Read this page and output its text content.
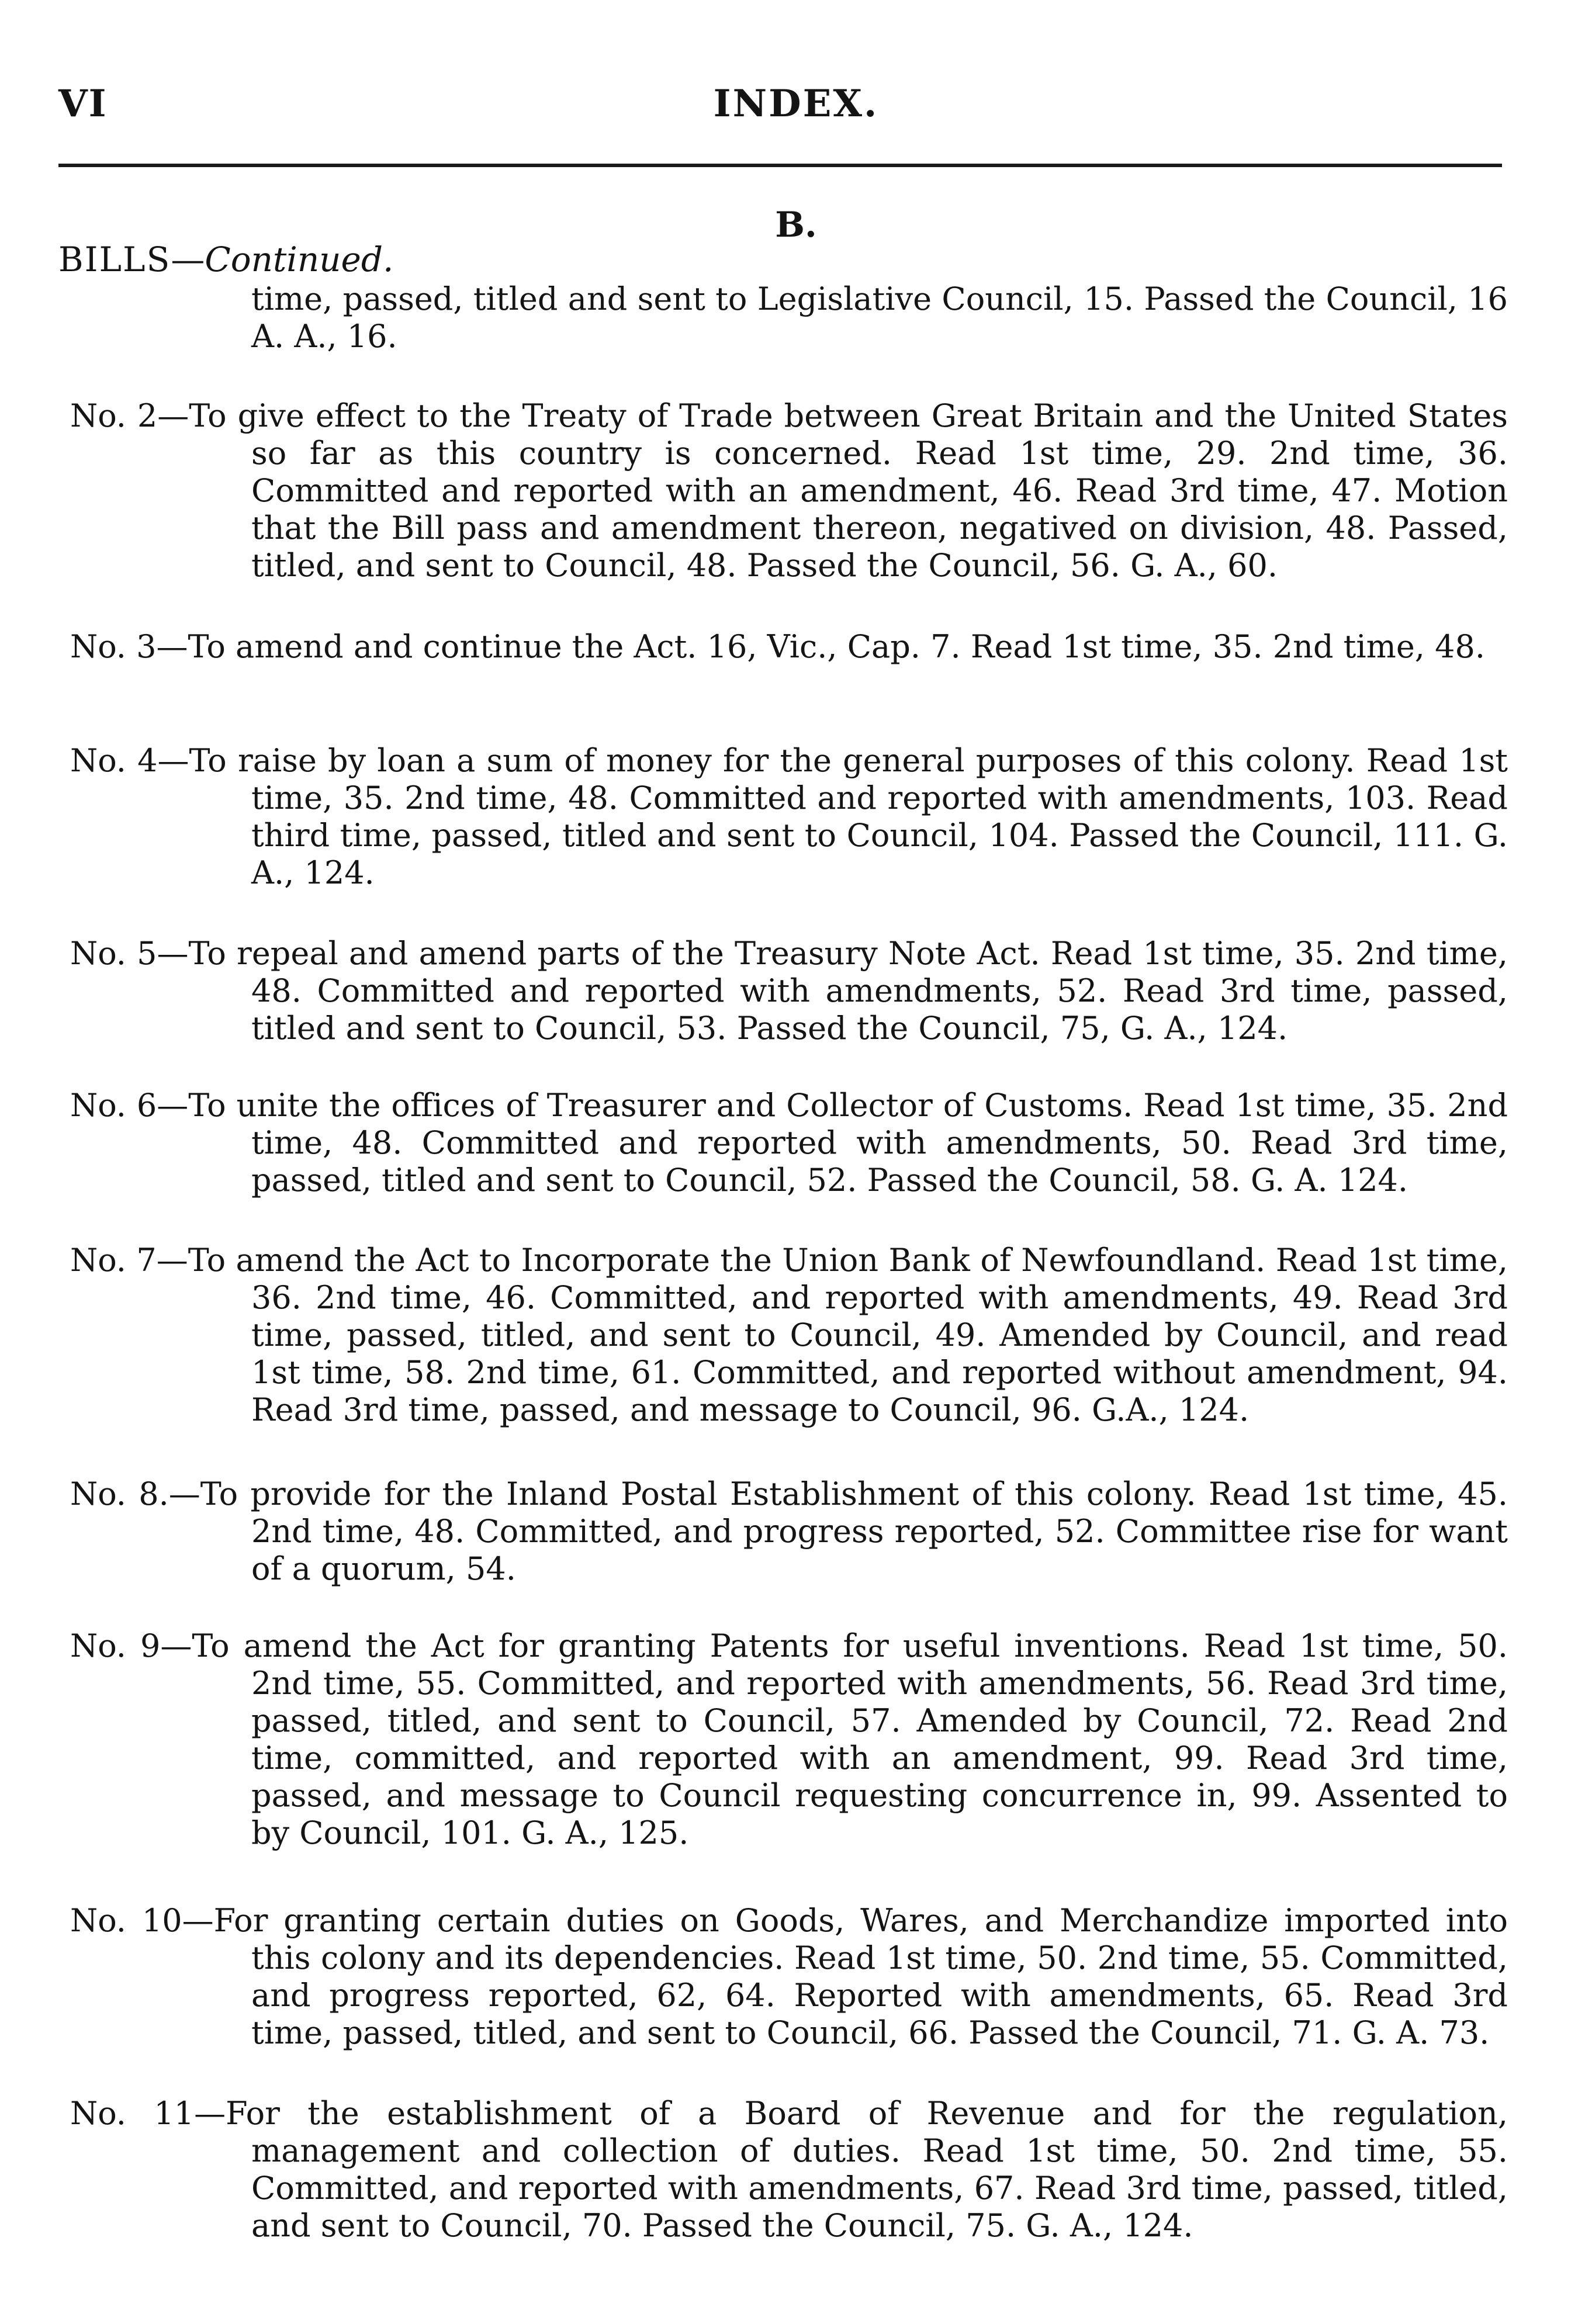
VI	INDEX.
B.
BILLS—Continued.
time, passed, titled and sent to Legislative Council, 15. Passed the Council, 16 A. A., 16.
No. 2—To give effect to the Treaty of Trade between Great Britain and the United States so far as this country is concerned. Read 1st time, 29. 2nd time, 36. Committed and reported with an amendment, 46. Read 3rd time, 47. Motion that the Bill pass and amendment thereon, negatived on division, 48. Passed, titled, and sent to Council, 48. Passed the Council, 56. G. A., 60.
No. 3—To amend and continue the Act. 16, Vic., Cap. 7. Read 1st time, 35. 2nd time, 48.
No. 4—To raise by loan a sum of money for the general purposes of this colony. Read 1st time, 35. 2nd time, 48. Committed and reported with amendments, 103. Read third time, passed, titled and sent to Council, 104. Passed the Council, 111. G. A., 124.
No. 5—To repeal and amend parts of the Treasury Note Act. Read 1st time, 35. 2nd time, 48. Committed and reported with amendments, 52. Read 3rd time, passed, titled and sent to Council, 53. Passed the Council, 75, G. A., 124.
No. 6—To unite the offices of Treasurer and Collector of Customs. Read 1st time, 35. 2nd time, 48. Committed and reported with amendments, 50. Read 3rd time, passed, titled and sent to Council, 52. Passed the Council, 58. G. A. 124.
No. 7—To amend the Act to Incorporate the Union Bank of Newfoundland. Read 1st time, 36. 2nd time, 46. Committed, and reported with amendments, 49. Read 3rd time, passed, titled, and sent to Council, 49. Amended by Council, and read 1st time, 58. 2nd time, 61. Committed, and reported without amendment, 94. Read 3rd time, passed, and message to Council, 96. G.A., 124.
No. 8.—To provide for the Inland Postal Establishment of this colony. Read 1st time, 45. 2nd time, 48. Committed, and progress reported, 52. Committee rise for want of a quorum, 54.
No. 9—To amend the Act for granting Patents for useful inventions. Read 1st time, 50. 2nd time, 55. Committed, and reported with amendments, 56. Read 3rd time, passed, titled, and sent to Council, 57. Amended by Council, 72. Read 2nd time, committed, and reported with an amendment, 99. Read 3rd time, passed, and message to Council requesting concurrence in, 99. Assented to by Council, 101. G. A., 125.
No. 10—For granting certain duties on Goods, Wares, and Merchandize imported into this colony and its dependencies. Read 1st time, 50. 2nd time, 55. Committed, and progress reported, 62, 64. Reported with amendments, 65. Read 3rd time, passed, titled, and sent to Council, 66. Passed the Council, 71. G. A. 73.
No. 11—For the establishment of a Board of Revenue and for the regulation, management and collection of duties. Read 1st time, 50. 2nd time, 55. Committed, and reported with amendments, 67. Read 3rd time, passed, titled, and sent to Council, 70. Passed the Council, 75. G. A., 124.
